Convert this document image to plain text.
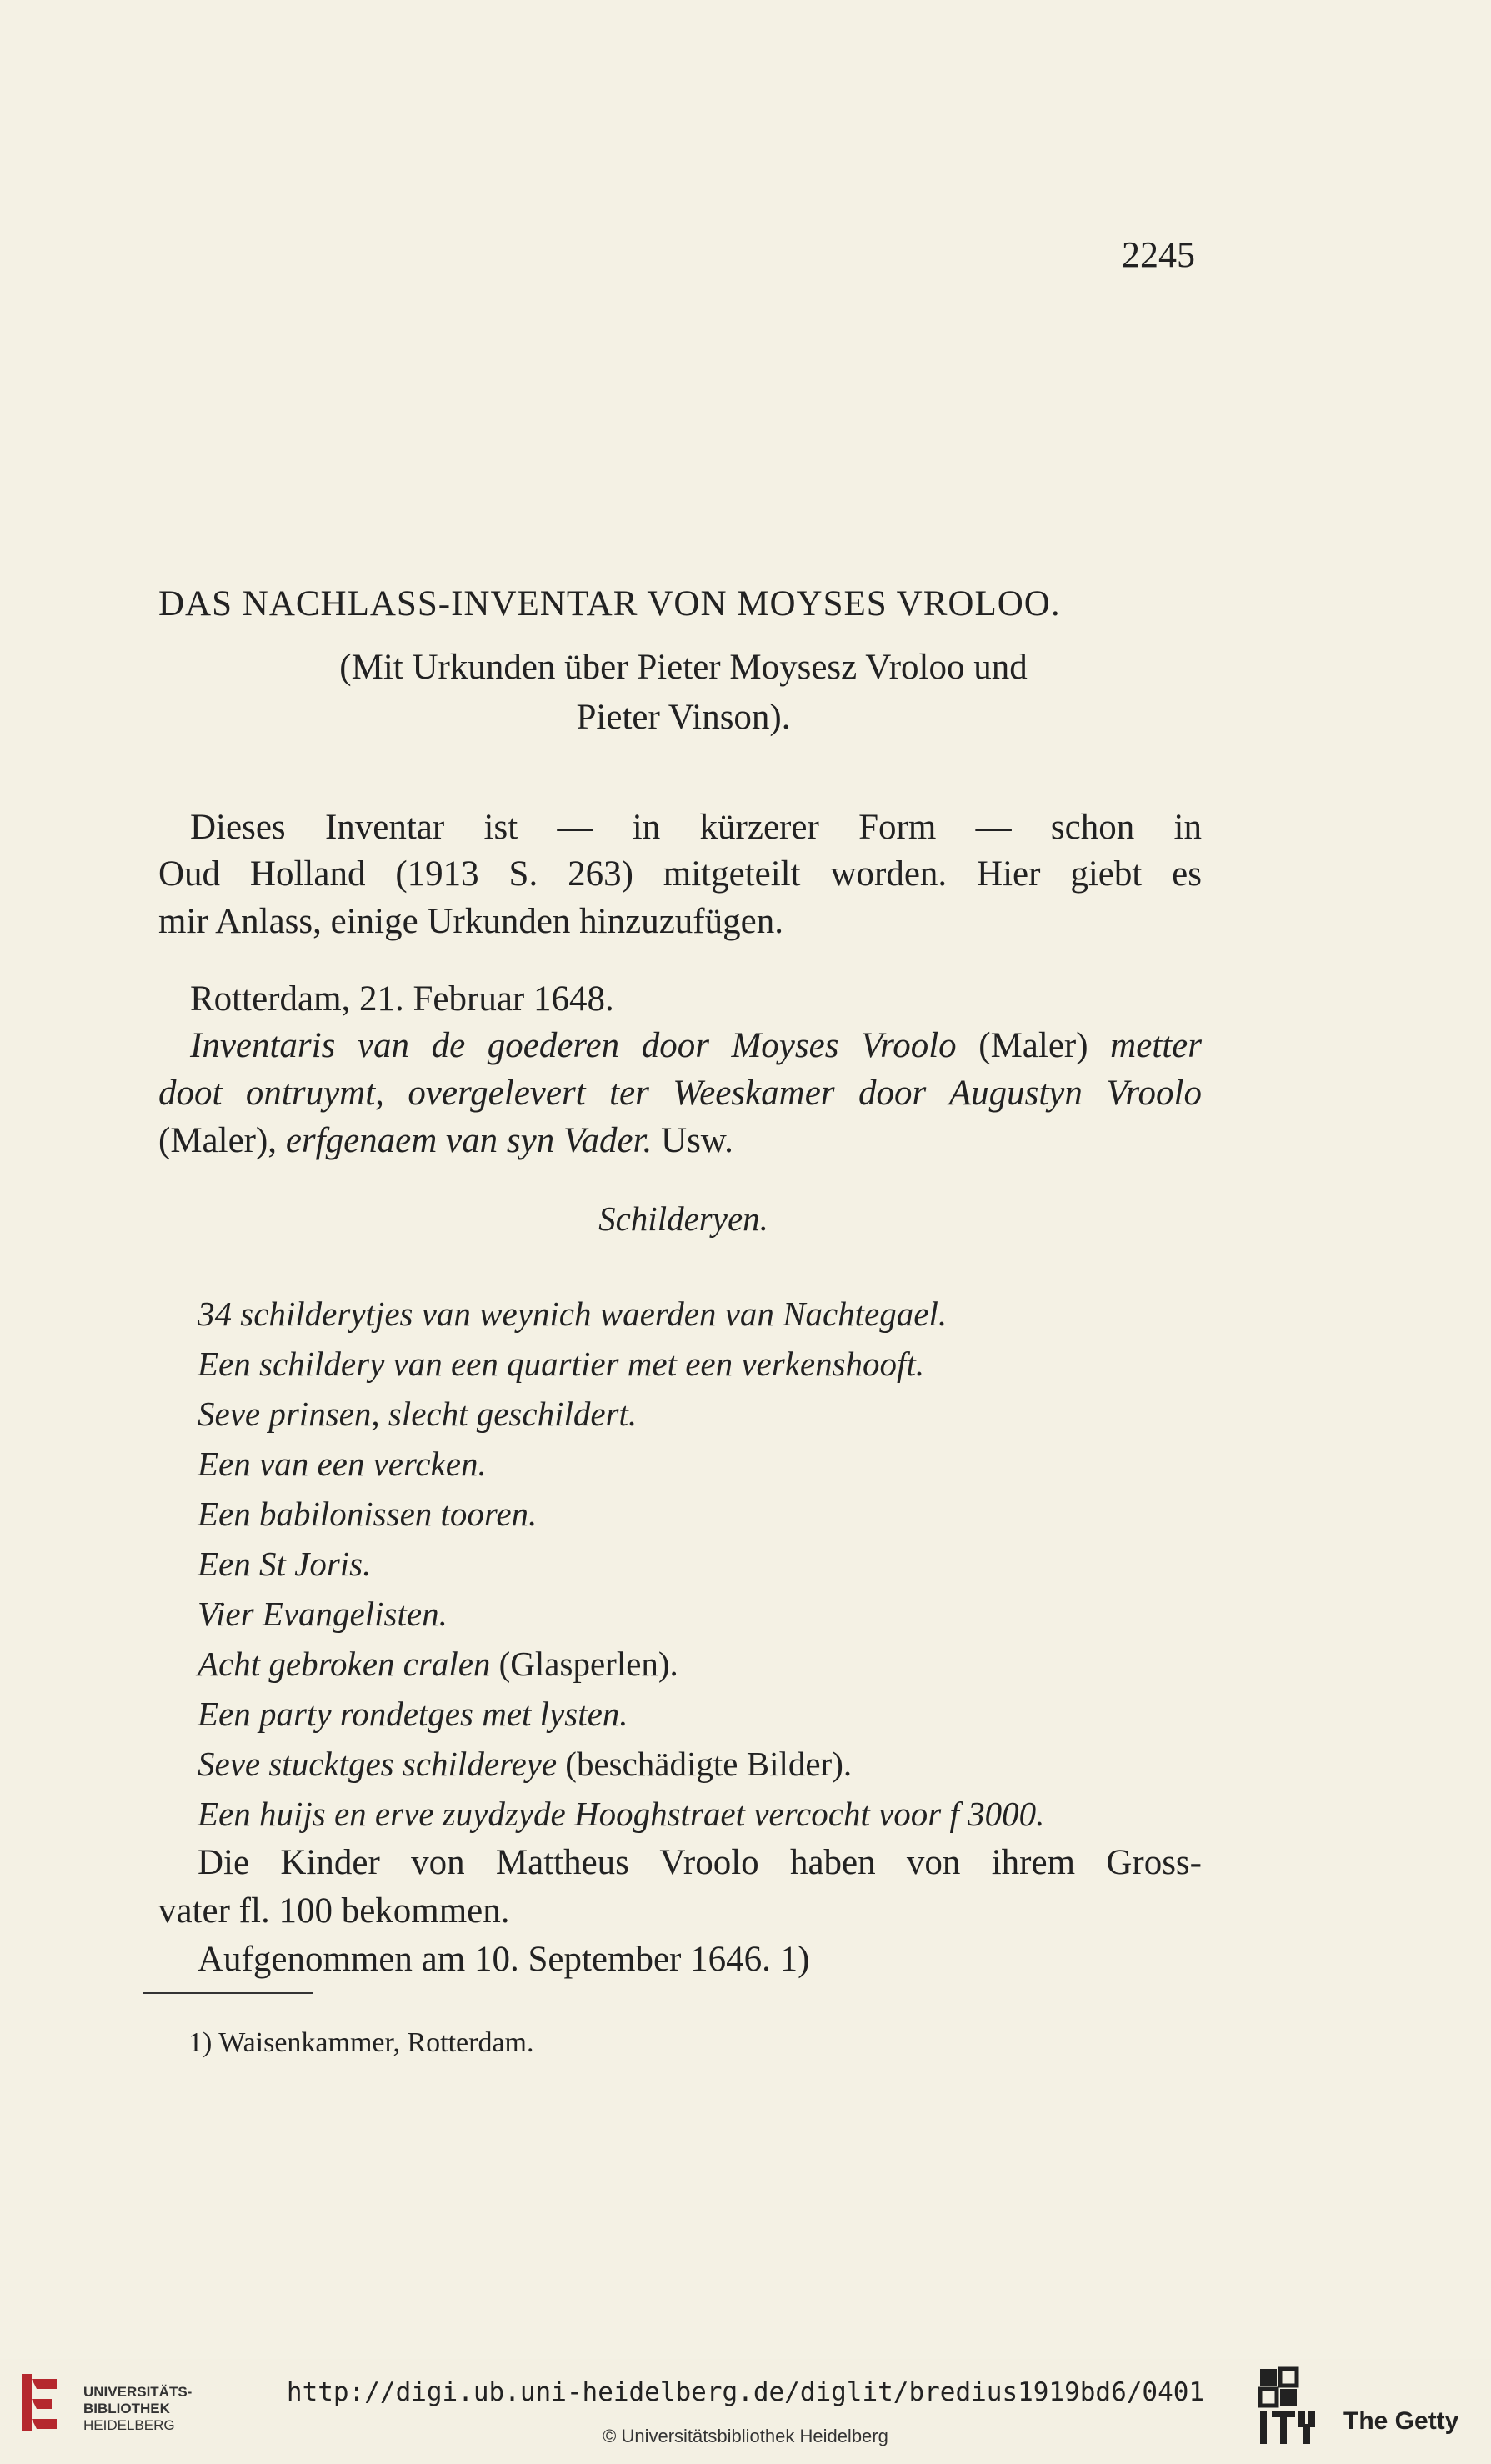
2245
DAS NACHLASS-INVENTAR VON MOYSES VROLOO.
(Mit Urkunden über Pieter Moysesz Vroloo und
Pieter Vinson).
Dieses Inventar ist — in kürzerer Form — schon in
Oud Holland (1913 S. 263) mitgeteilt worden. Hier giebt es
mir Anlass, einige Urkunden hinzuzufügen.
Rotterdam, 21. Februar 1648.
Inventaris van de goederen door Moyses Vroolo (Maler) metter
doot ontruymt, overgelevert ter Weeskamer door Augustyn Vroolo
(Maler), erfgenaem van syn Vader. Usw.
Schilderyen.
34 schilderytjes van weynich waerden van Nachtegael.
Een schildery van een quartier met een verkenshooft.
Seve prinsen, slecht geschildert.
Een van een vercken.
Een babilonissen tooren.
Een St Joris.
Vier Evangelisten.
Acht gebroken cralen (Glasperlen).
Een party rondetges met lysten.
Seve stucktges schildereye (beschädigte Bilder).
Een huijs en erve zuydzyde Hooghstraet vercocht voor f 3000.
Die Kinder von Mattheus Vroolo haben von ihrem Gross-
vater fl. 100 bekommen.
Aufgenommen am 10. September 1646. 1)
1) Waisenkammer, Rotterdam.
UNIVERSITÄTS-
BIBLIOTHEK
HEIDELBERG
http://digi.ub.uni-heidelberg.de/diglit/bredius1919bd6/0401
© Universitätsbibliothek Heidelberg
The Getty
